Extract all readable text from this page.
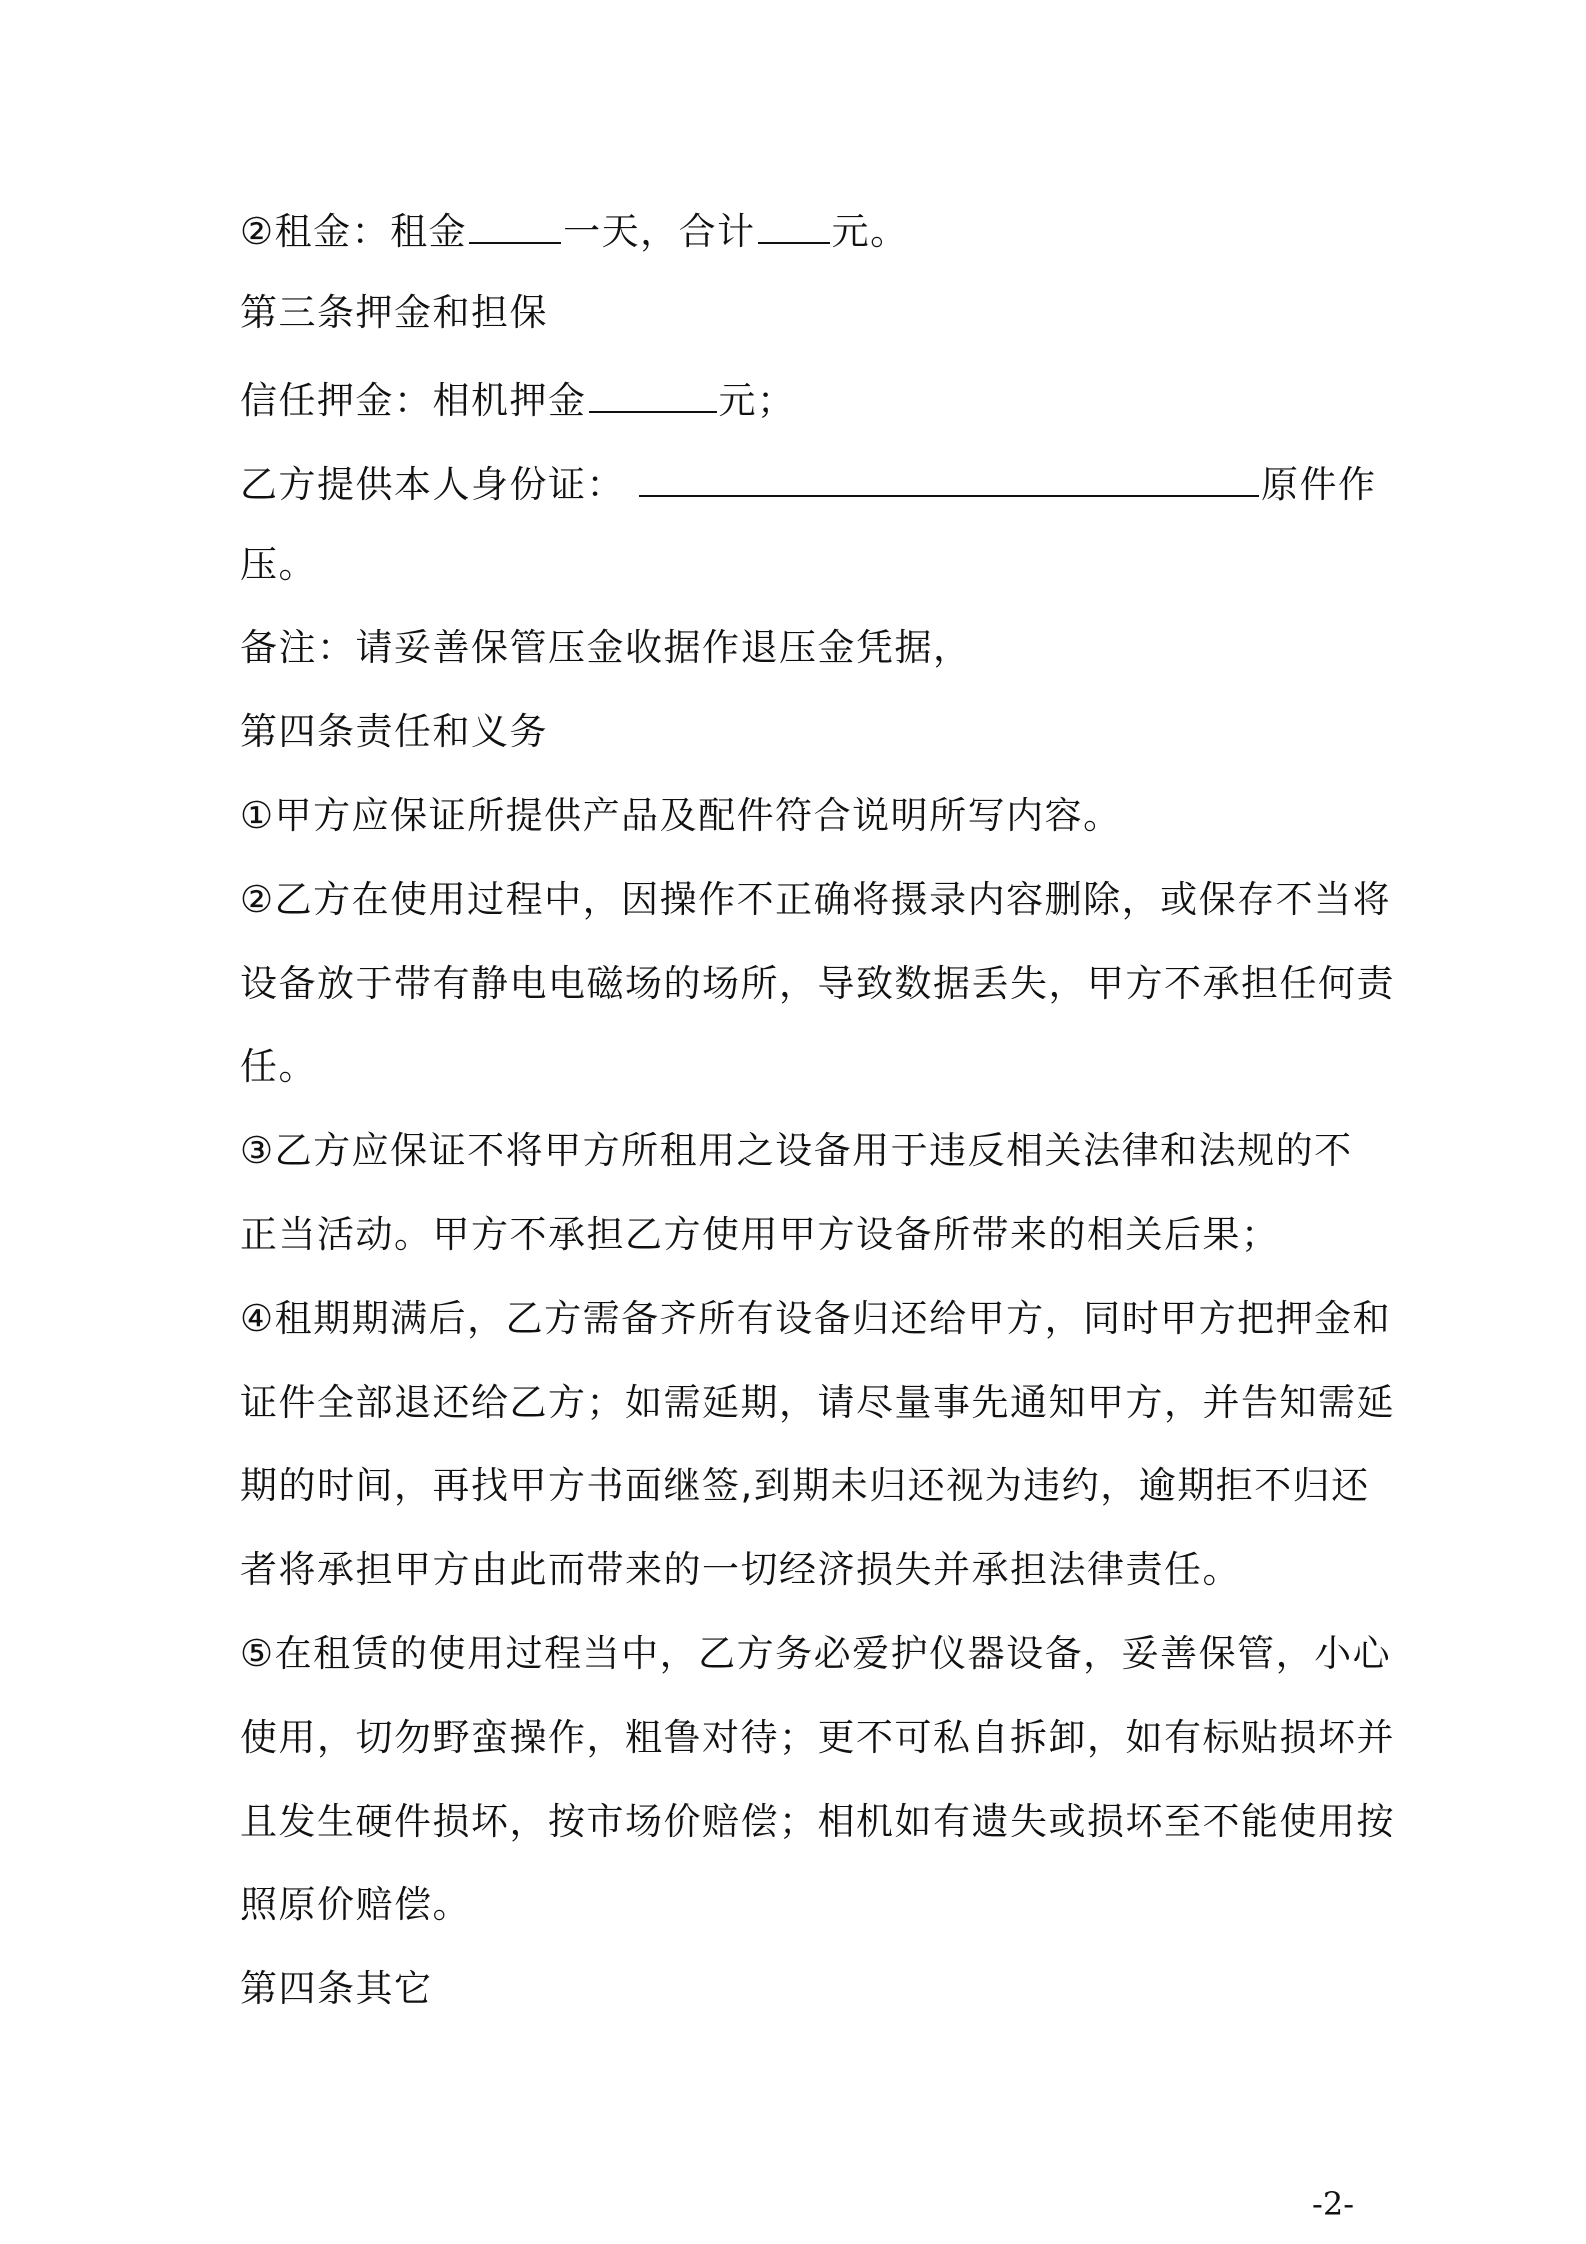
②租金：租金	一天，合计 元。
第三条押金和担保
信任押金：相机押金	元；
乙方提供本人身份证：	原件作
压。
备注：请妥善保管压金收据作退压金凭据，
第四条责任和义务
①甲方应保证所提供产品及配件符合说明所写内容。
②乙方在使用过程中，因操作不正确将摄录内容删除，或保存不当将
设备放于带有静电电磁场的场所，导致数据丢失，甲方不承担任何责
任。
③乙方应保证不将甲方所租用之设备用于违反相关法律和法规的不
正当活动。甲方不承担乙方使用甲方设备所带来的相关后果；
④租期期满后，乙方需备齐所有设备归还给甲方，同时甲方把押金和
证件全部退还给乙方；如需延期，请尽量事先通知甲方，并告知需延
期的时间，再找甲方书面继签,到期未归还视为违约，逾期拒不归还
者将承担甲方由此而带来的一切经济损失并承担法律责任。
⑤在租赁的使用过程当中，乙方务必爱护仪器设备，妥善保管，小心
使用，切勿野蛮操作，粗鲁对待；更不可私自拆卸，如有标贴损坏并
且发生硬件损坏，按市场价赔偿；相机如有遗失或损坏至不能使用按
照原价赔偿。
第四条其它
-2-
